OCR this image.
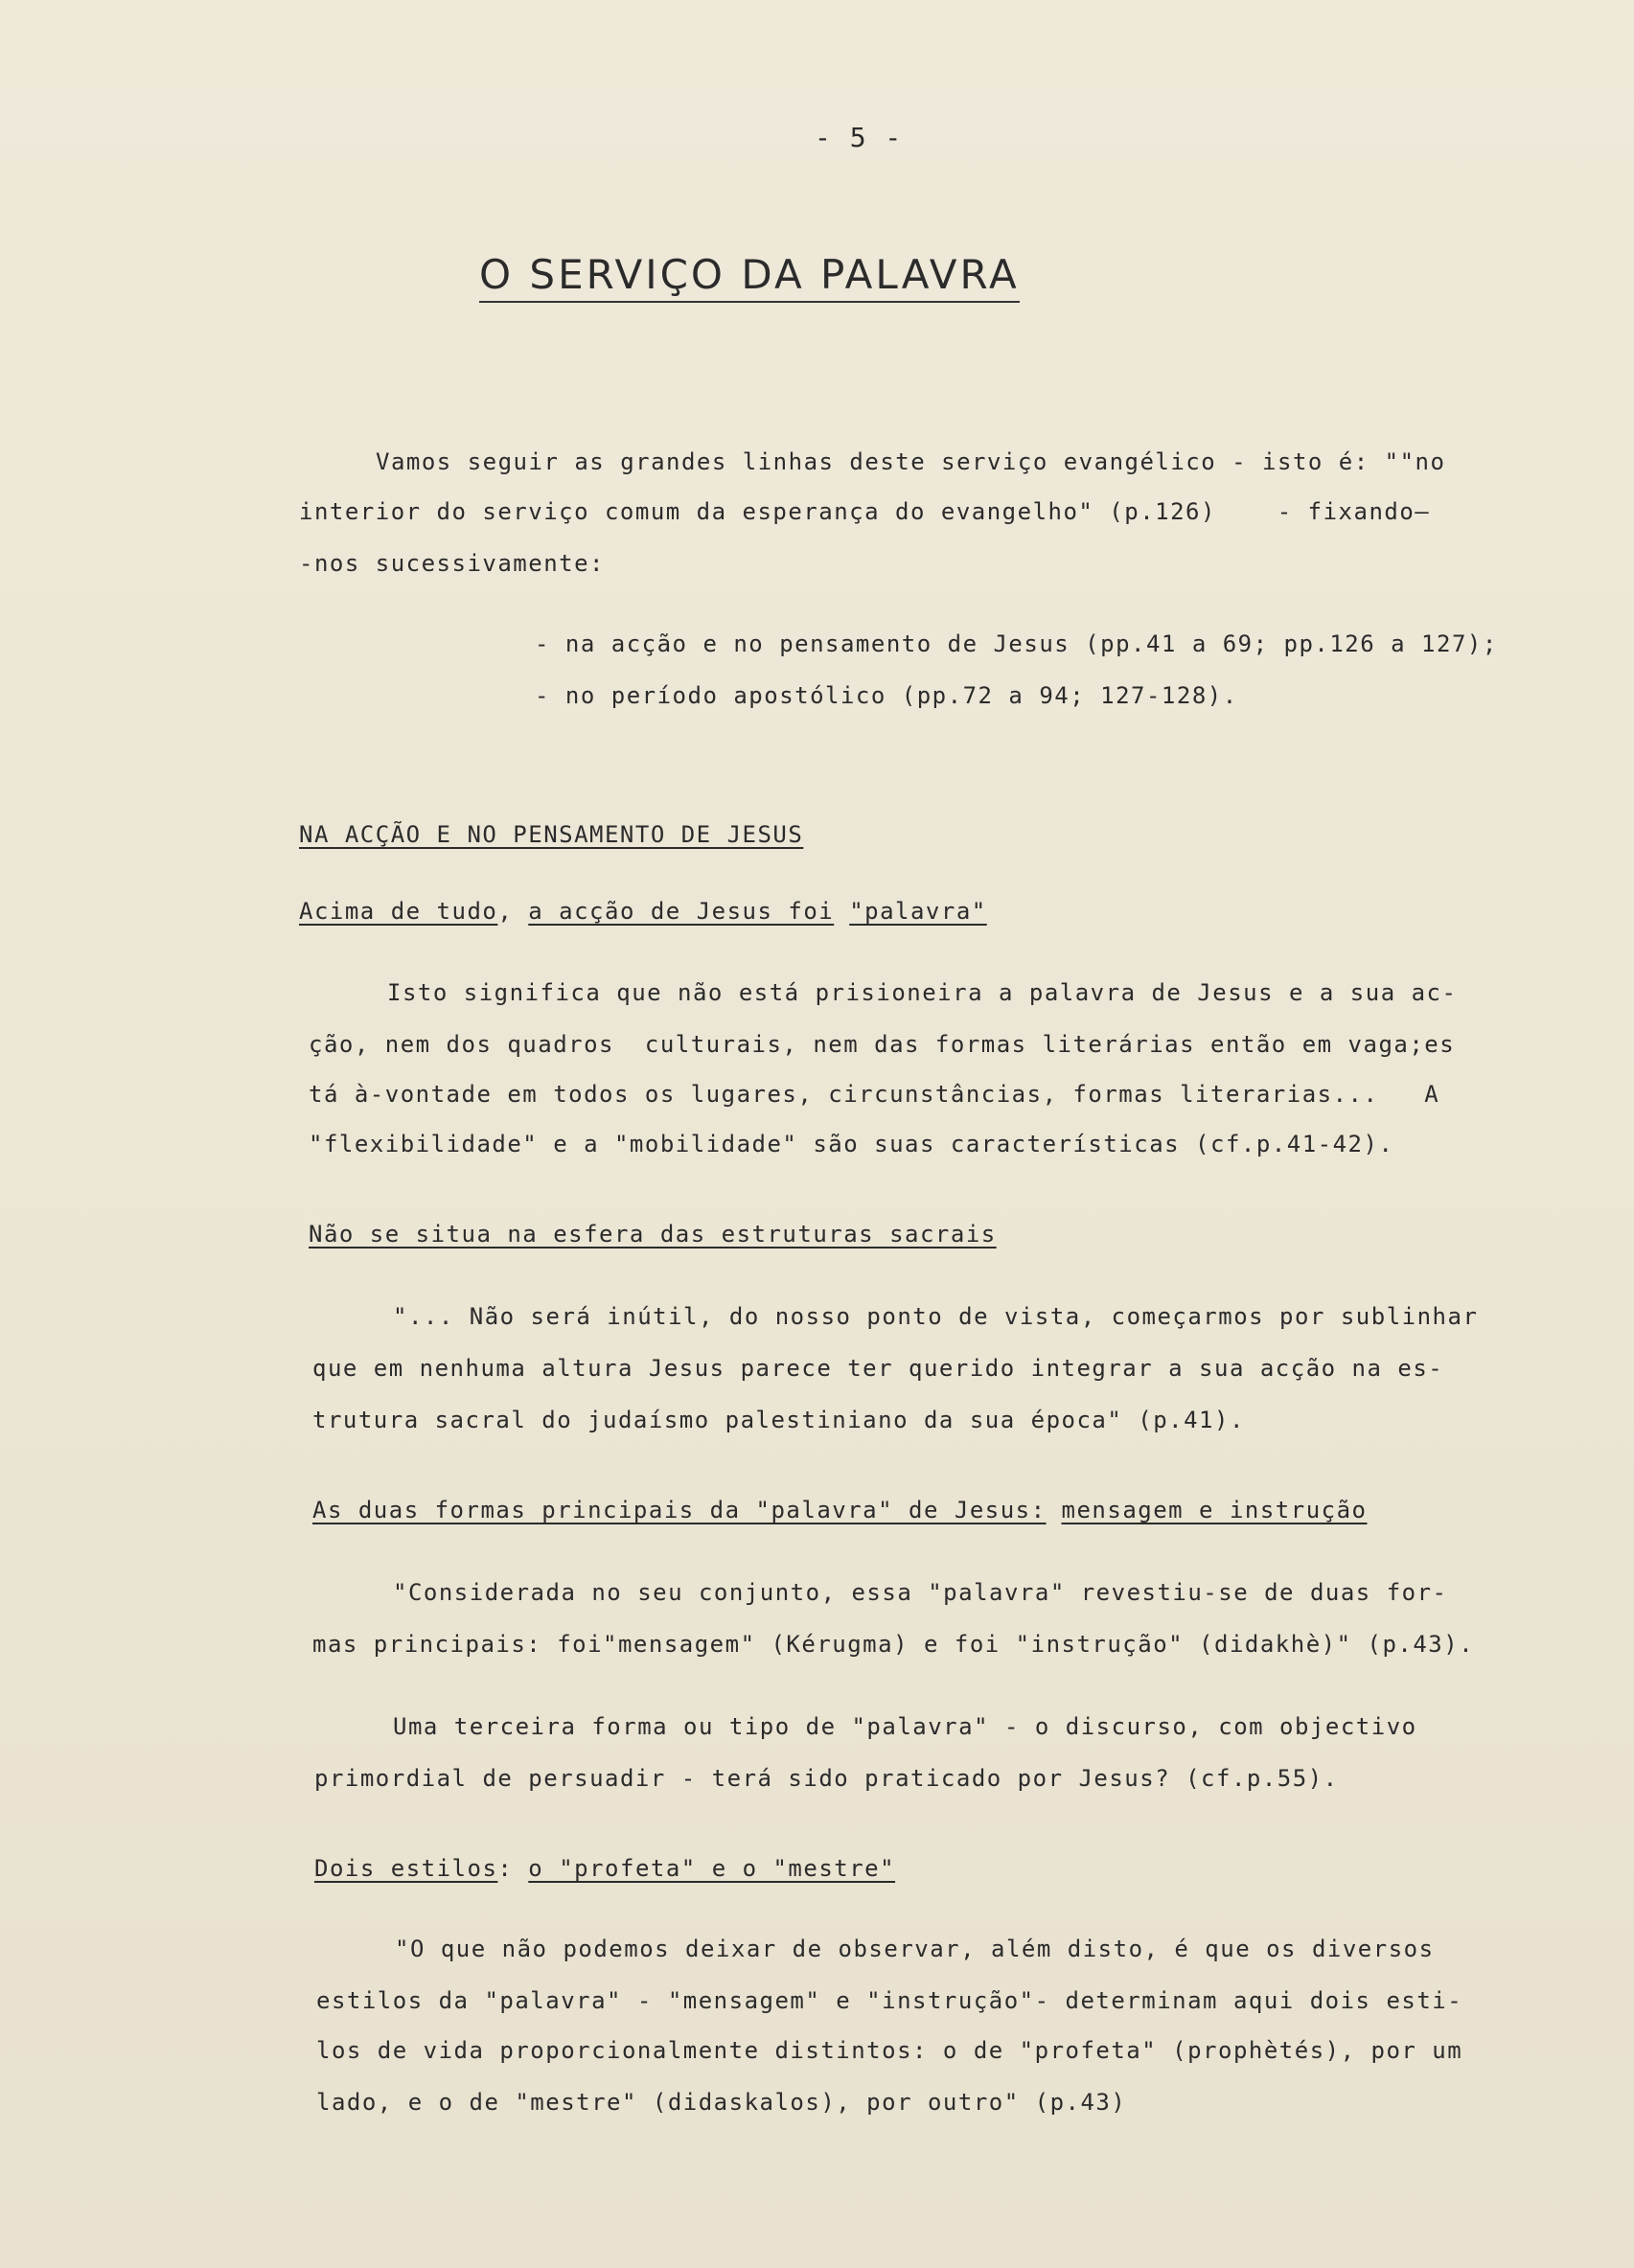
- 5 -
O SERVIÇO DA PALAVRA
Vamos seguir as grandes linhas deste serviço evangélico - isto é: ""no
interior do serviço comum da esperança do evangelho" (p.126)    - fixando—
-nos sucessivamente:
- na acção e no pensamento de Jesus (pp.41 a 69; pp.126 a 127);
- no período apostólico (pp.72 a 94; 127-128).
NA ACÇÃO E NO PENSAMENTO DE JESUS
Acima de tudo, a acção de Jesus foi "palavra"
Isto significa que não está prisioneira a palavra de Jesus e a sua ac-
ção, nem dos quadros  culturais, nem das formas literárias então em vaga;es
tá à-vontade em todos os lugares, circunstâncias, formas literarias...   A
"flexibilidade" e a "mobilidade" são suas características (cf.p.41-42).
Não se situa na esfera das estruturas sacrais
"... Não será inútil, do nosso ponto de vista, começarmos por sublinhar
que em nenhuma altura Jesus parece ter querido integrar a sua acção na es-
trutura sacral do judaísmo palestiniano da sua época" (p.41).
As duas formas principais da "palavra" de Jesus: mensagem e instrução
"Considerada no seu conjunto, essa "palavra" revestiu-se de duas for-
mas principais: foi"mensagem" (Kérugma) e foi "instrução" (didakhè)" (p.43).
Uma terceira forma ou tipo de "palavra" - o discurso, com objectivo
primordial de persuadir - terá sido praticado por Jesus? (cf.p.55).
Dois estilos: o "profeta" e o "mestre"
"O que não podemos deixar de observar, além disto, é que os diversos
estilos da "palavra" - "mensagem" e "instrução"- determinam aqui dois esti-
los de vida proporcionalmente distintos: o de "profeta" (prophètés), por um
lado, e o de "mestre" (didaskalos), por outro" (p.43)
